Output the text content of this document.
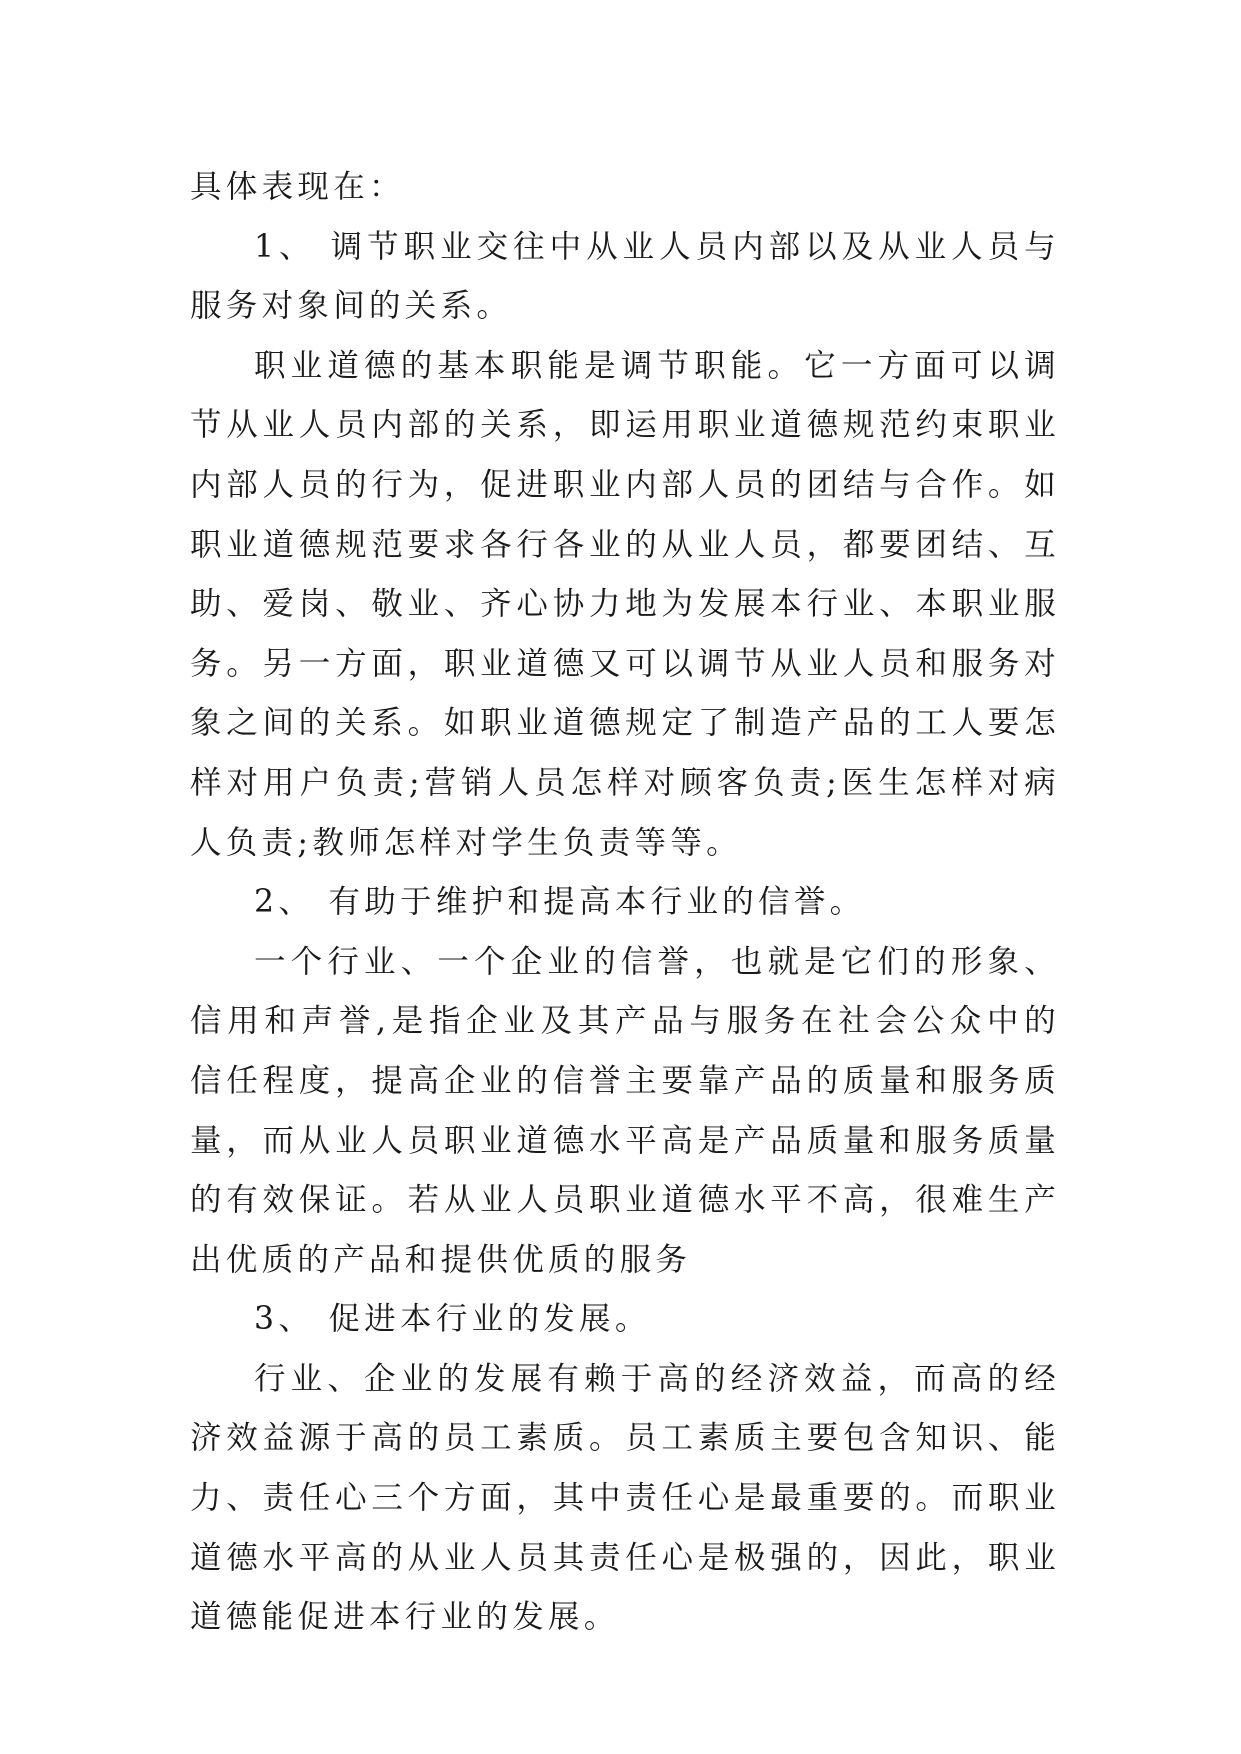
具体表现在：

1、 调节职业交往中从业人员内部以及从业人员与服务对象间的关系。

职业道德的基本职能是调节职能。它一方面可以调节从业人员内部的关系，即运用职业道德规范约束职业内部人员的行为，促进职业内部人员的团结与合作。如职业道德规范要求各行各业的从业人员，都要团结、互助、爱岗、敬业、齐心协力地为发展本行业、本职业服务。另一方面，职业道德又可以调节从业人员和服务对象之间的关系。如职业道德规定了制造产品的工人要怎样对用户负责;营销人员怎样对顾客负责;医生怎样对病人负责;教师怎样对学生负责等等。

2、 有助于维护和提高本行业的信誉。

一个行业、一个企业的信誉，也就是它们的形象、信用和声誉,是指企业及其产品与服务在社会公众中的信任程度，提高企业的信誉主要靠产品的质量和服务质量，而从业人员职业道德水平高是产品质量和服务质量的有效保证。若从业人员职业道德水平不高，很难生产出优质的产品和提供优质的服务

3、 促进本行业的发展。

行业、企业的发展有赖于高的经济效益，而高的经济效益源于高的员工素质。员工素质主要包含知识、能力、责任心三个方面，其中责任心是最重要的。而职业道德水平高的从业人员其责任心是极强的，因此，职业道德能促进本行业的发展。
